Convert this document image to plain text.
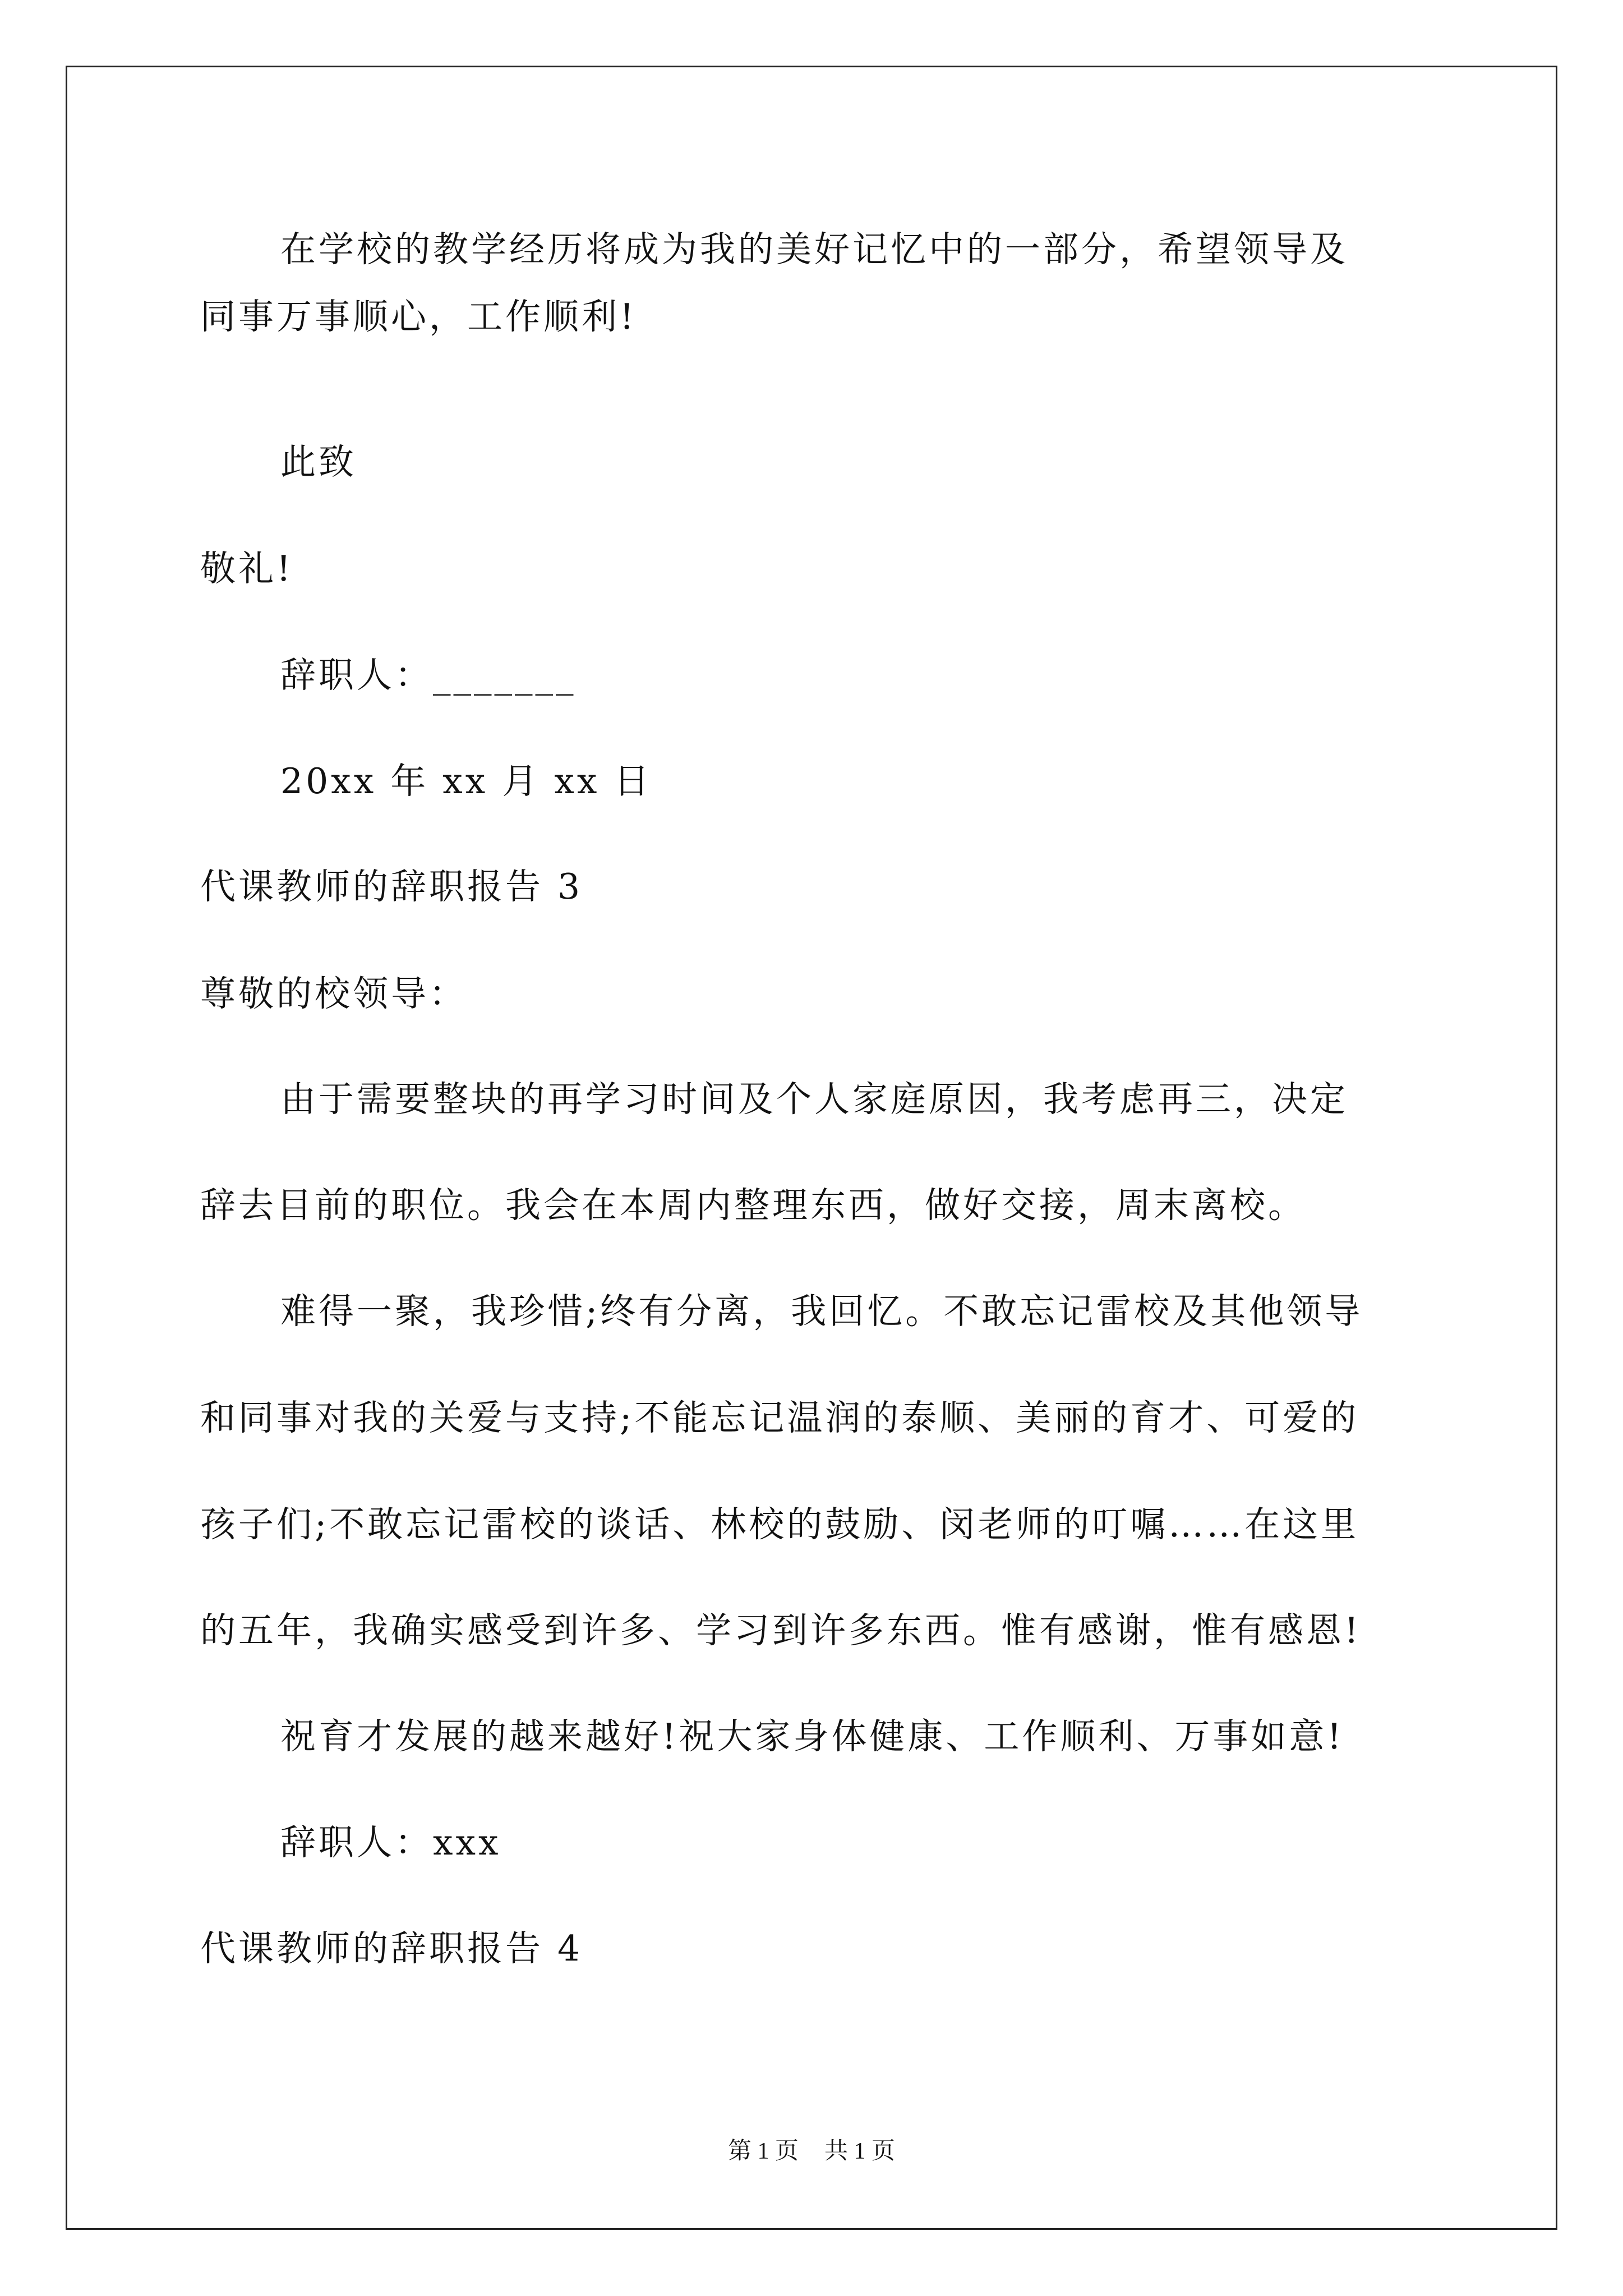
在学校的教学经历将成为我的美好记忆中的一部分，希望领导及
同事万事顺心，工作顺利!
此致
敬礼!
辞职人：_______
20xx 年 xx 月 xx 日
代课教师的辞职报告 3
尊敬的校领导：
由于需要整块的再学习时间及个人家庭原因，我考虑再三，决定
辞去目前的职位。我会在本周内整理东西，做好交接，周末离校。
难得一聚，我珍惜;终有分离，我回忆。不敢忘记雷校及其他领导
和同事对我的关爱与支持;不能忘记温润的泰顺、美丽的育才、可爱的
孩子们;不敢忘记雷校的谈话、林校的鼓励、闵老师的叮嘱……在这里
的五年，我确实感受到许多、学习到许多东西。惟有感谢，惟有感恩!
祝育才发展的越来越好!祝大家身体健康、工作顺利、万事如意!
辞职人：xxx
代课教师的辞职报告 4
第 1 页 共 1 页
